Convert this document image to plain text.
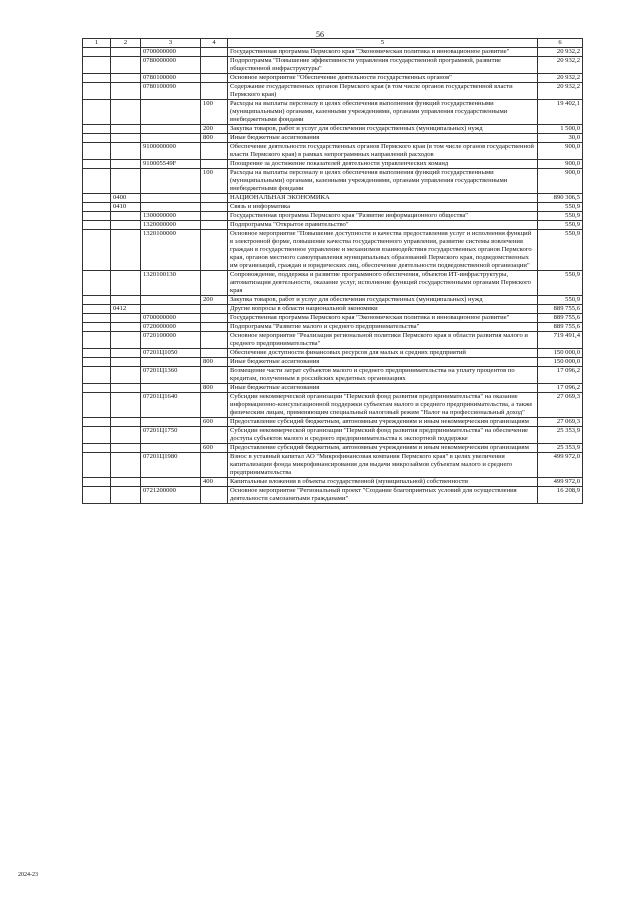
56
1	2	3	4	5	6
		0700000000		Государственная программа Пермского края "Экономическая политика и инновационное развитие"	20 932,2
		0780000000		Подпрограмма "Повышение эффективности управления государственной программой, развитие общественной инфраструктуры"	20 932,2
		0780100000		Основное мероприятие "Обеспечение деятельности государственных органов"	20 932,2
		0780100090		Содержание государственных органов Пермского края (в том числе органов государственной власти Пермского края)	20 932,2
			100	Расходы на выплаты персоналу в целях обеспечения выполнения функций государственными (муниципальными) органами, казенными учреждениями, органами управления государственными внебюджетными фондами	19 402,1
			200	Закупка товаров, работ и услуг для обеспечения государственных (муниципальных) нужд	1 500,0
			800	Иные бюджетные ассигнования	30,0
		9100000000		Обеспечение деятельности государственных органов Пермского края (в том числе органов государственной власти Пермского края) в рамках непрограммных направлений расходов	900,0
		910005549F		Поощрение за достижение показателей деятельности управленческих команд	900,0
			100	Расходы на выплаты персоналу в целях обеспечения выполнения функций государственными (муниципальными) органами, казенными учреждениями, органами управления государственными внебюджетными фондами	900,0
	0400			НАЦИОНАЛЬНАЯ ЭКОНОМИКА	890 306,5
	0410			Связь и информатика	550,9
		1300000000		Государственная программа Пермского края "Развитие информационного общества"	550,9
		1320000000		Подпрограмма "Открытое правительство"	550,9
		1320100000		Основное мероприятие "Повышение доступности и качества предоставления услуг и исполнения функций в электронной форме, повышение качества государственного управления, развитие системы вовлечения граждан в государственное управление и механизмов взаимодействия государственных органов Пермского края, органов местного самоуправления муниципальных образований Пермского края, подведомственных им организаций, граждан и юридических лиц, обеспечение деятельности подведомственной организации"	550,9
		1320100130		Сопровождение, поддержка и развитие программного обеспечения, объектов ИТ-инфраструктуры, автоматизация деятельности, оказание услуг, исполнение функций государственными органами Пермского края	550,9
			200	Закупка товаров, работ и услуг для обеспечения государственных (муниципальных) нужд	550,9
	0412			Другие вопросы в области национальной экономики	889 755,6
		0700000000		Государственная программа Пермского края "Экономическая политика и инновационное развитие"	889 755,6
		0720000000		Подпрограмма "Развитие малого и среднего предпринимательства"	889 755,6
		0720100000		Основное мероприятие "Реализация региональной политики Пермского края в области развития малого и среднего предпринимательства"	719 491,4
		07201Ц1050		Обеспечение доступности финансовых ресурсов для малых и средних предприятий	150 000,0
			800	Иные бюджетные ассигнования	150 000,0
		07201Ц1360		Возмещение части затрат субъектов малого и среднего предпринимательства на уплату процентов по кредитам, полученным в российских кредитных организациях	17 096,2
			800	Иные бюджетные ассигнования	17 096,2
		07201Ц1640		Субсидии некоммерческой организации "Пермский фонд развития предпринимательства" на оказание информационно-консультационной поддержки субъектам малого и среднего предпринимательства, а также физическим лицам, применяющим специальный налоговый режим "Налог на профессиональный доход"	27 069,3
			600	Предоставление субсидий бюджетным, автономным учреждениям и иным некоммерческим организациям	27 069,3
		07201Ц1750		Субсидии некоммерческой организации "Пермский фонд развития предпринимательства" на обеспечение доступа субъектов малого и среднего предпринимательства к экспортной поддержке	25 353,9
			600	Предоставление субсидий бюджетным, автономным учреждениям и иным некоммерческим организациям	25 353,9
		07201Ц1980		Взнос в уставный капитал АО "Микрофинансовая компания Пермского края" в целях увеличения капитализации фонда микрофинансирования для выдачи микрозаймов субъектам малого и среднего предпринимательства	499 972,0
			400	Капитальные вложения в объекты государственной (муниципальной) собственности	499 972,0
		0721200000		Основное мероприятие "Региональный проект "Создание благоприятных условий для осуществления деятельности самозанятыми гражданами"	16 208,9
2024-23
